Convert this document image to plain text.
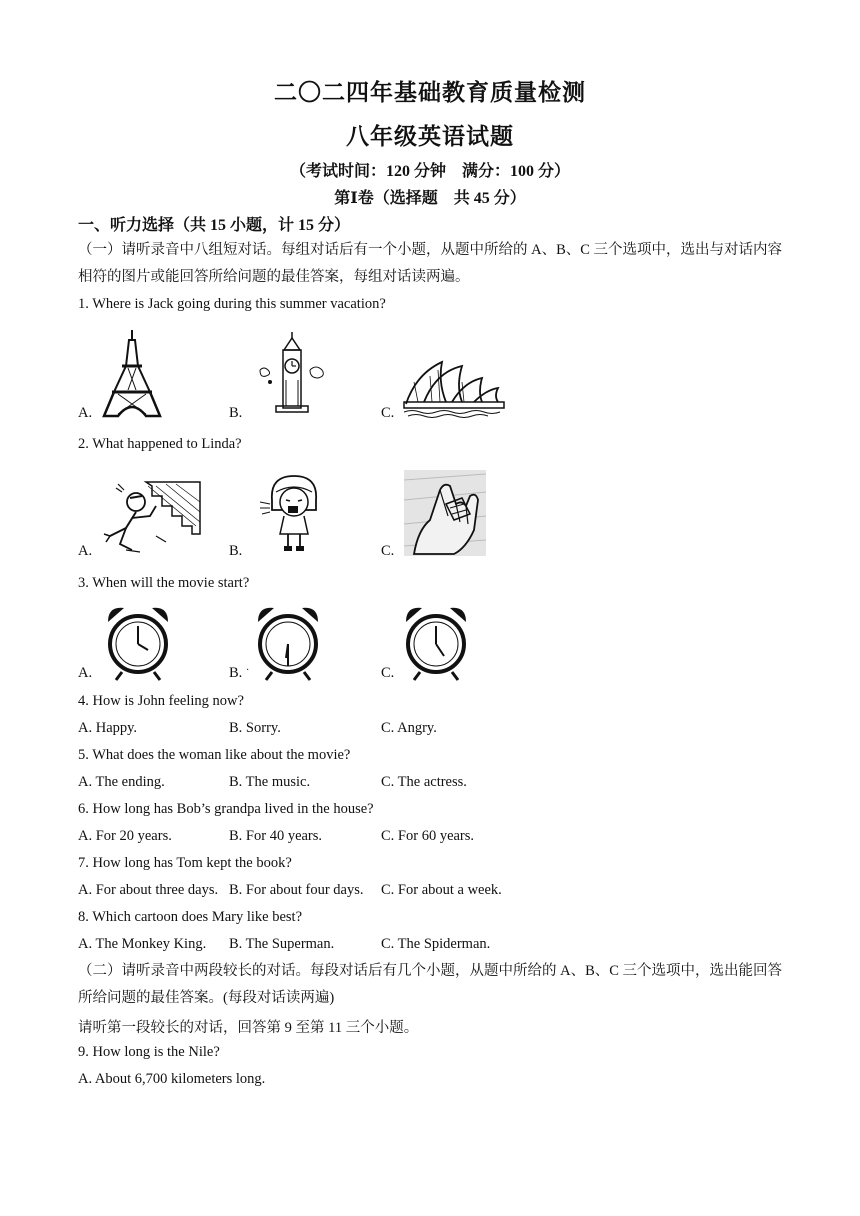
二〇二四年基础教育质量检测
八年级英语试题
（考试时间：120 分钟　满分：100 分）
第Ⅰ卷（选择题　共 45 分）
一、听力选择（共 15 小题，计 15 分）
（一）请听录音中八组短对话。每组对话后有一个小题，从题中所给的 A、B、C 三个选项中，选出与对话内容相符的图片或能回答所给问题的最佳答案，每组对话读两遍。
1. Where is Jack going during this summer vacation?
A.	B.	C.
2. What happened to Linda?
A.	B.	C.
3. When will the movie start?
A.	B. ·	C.
4. How is John feeling now?
A. Happy.	B. Sorry.	C. Angry.
5. What does the woman like about the movie?
A. The ending.	B. The music.	C. The actress.
6. How long has Bob’s grandpa lived in the house?
A. For 20 years.	B. For 40 years.	C. For 60 years.
7. How long has Tom kept the book?
A. For about three days. B. For about four days. C. For about a week.
8. Which cartoon does Mary like best?
A. The Monkey King. B. The Superman.	C. The Spiderman.
（二）请听录音中两段较长的对话。每段对话后有几个小题，从题中所给的 A、B、C 三个选项中，选出能回答所给问题的最佳答案。(每段对话读两遍)
请听第一段较长的对话，回答第 9 至第 11 三个小题。
9. How long is the Nile?
A. About 6,700 kilometers long.
